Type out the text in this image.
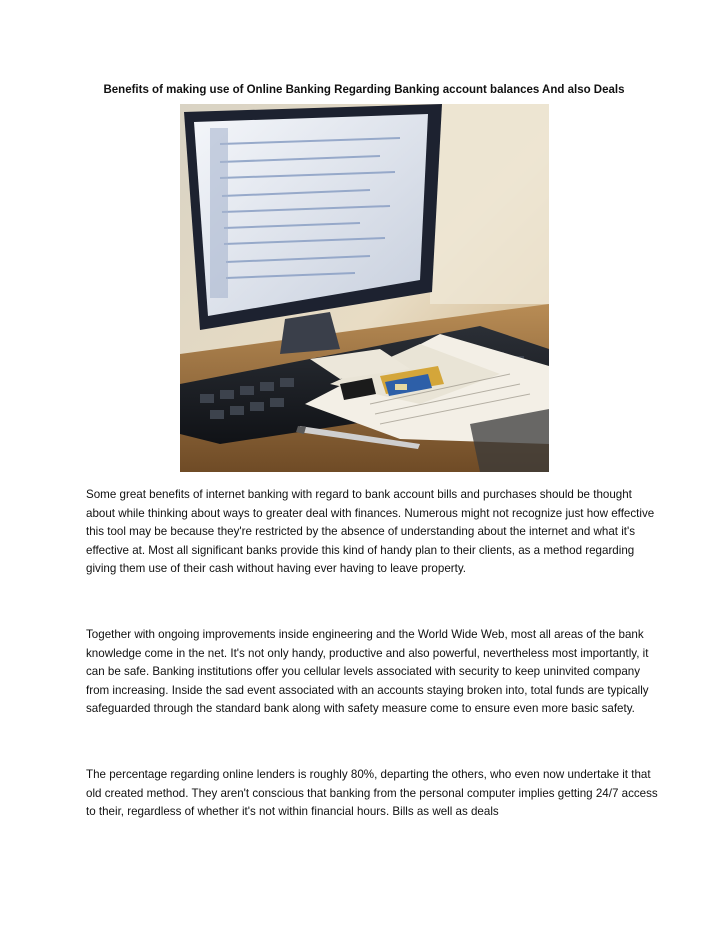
Benefits of making use of Online Banking Regarding Banking account balances And also Deals

Some great benefits of internet banking with regard to bank account bills and purchases should be thought about while thinking about ways to greater deal with finances. Numerous might not recognize just how effective this tool may be because they're restricted by the absence of understanding about the internet and what it's effective at. Most all significant banks provide this kind of handy plan to their clients, as a method regarding giving them use of their cash without having ever having to leave property.

Together with ongoing improvements inside engineering and the World Wide Web, most all areas of the bank knowledge come in the net. It's not only handy, productive and also powerful, nevertheless most importantly, it can be safe. Banking institutions offer you cellular levels associated with security to keep uninvited company from increasing. Inside the sad event associated with an accounts staying broken into, total funds are typically safeguarded through the standard bank along with safety measure come to ensure even more basic safety.

The percentage regarding online lenders is roughly 80%, departing the others, who even now undertake it that old created method. They aren't conscious that banking from the personal computer implies getting 24/7 access to their, regardless of whether it's not within financial hours. Bills as well as deals
